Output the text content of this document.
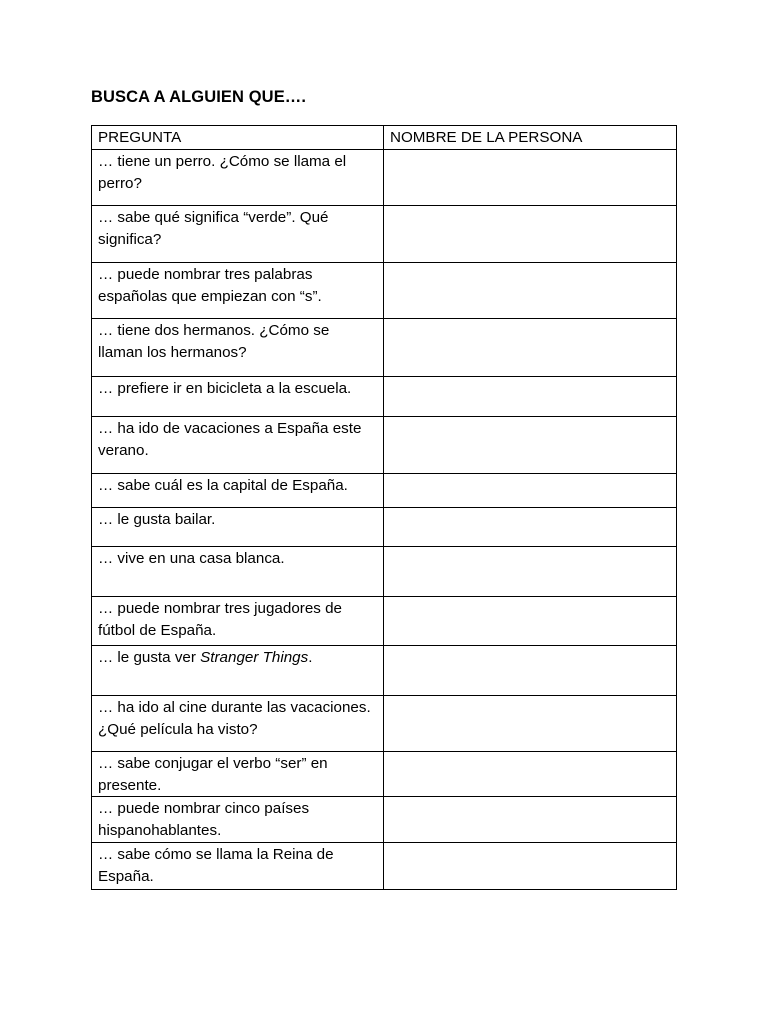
BUSCA A ALGUIEN QUE….
PREGUNTA	NOMBRE DE LA PERSONA
… tiene un perro. ¿Cómo se llama el perro?	
… sabe qué significa “verde”. Qué significa?	
… puede nombrar tres palabras españolas que empiezan con “s”.	
… tiene dos hermanos. ¿Cómo se llaman los hermanos?	
… prefiere ir en bicicleta a la escuela.	
… ha ido de vacaciones a España este verano.	
… sabe cuál es la capital de España.	
… le gusta bailar.	
… vive en una casa blanca.	
… puede nombrar tres jugadores de fútbol de España.	
… le gusta ver Stranger Things.	
… ha ido al cine durante las vacaciones. ¿Qué película ha visto?	
… sabe conjugar el verbo “ser” en presente.	
… puede nombrar cinco países hispanohablantes.	
… sabe cómo se llama la Reina de España.	
